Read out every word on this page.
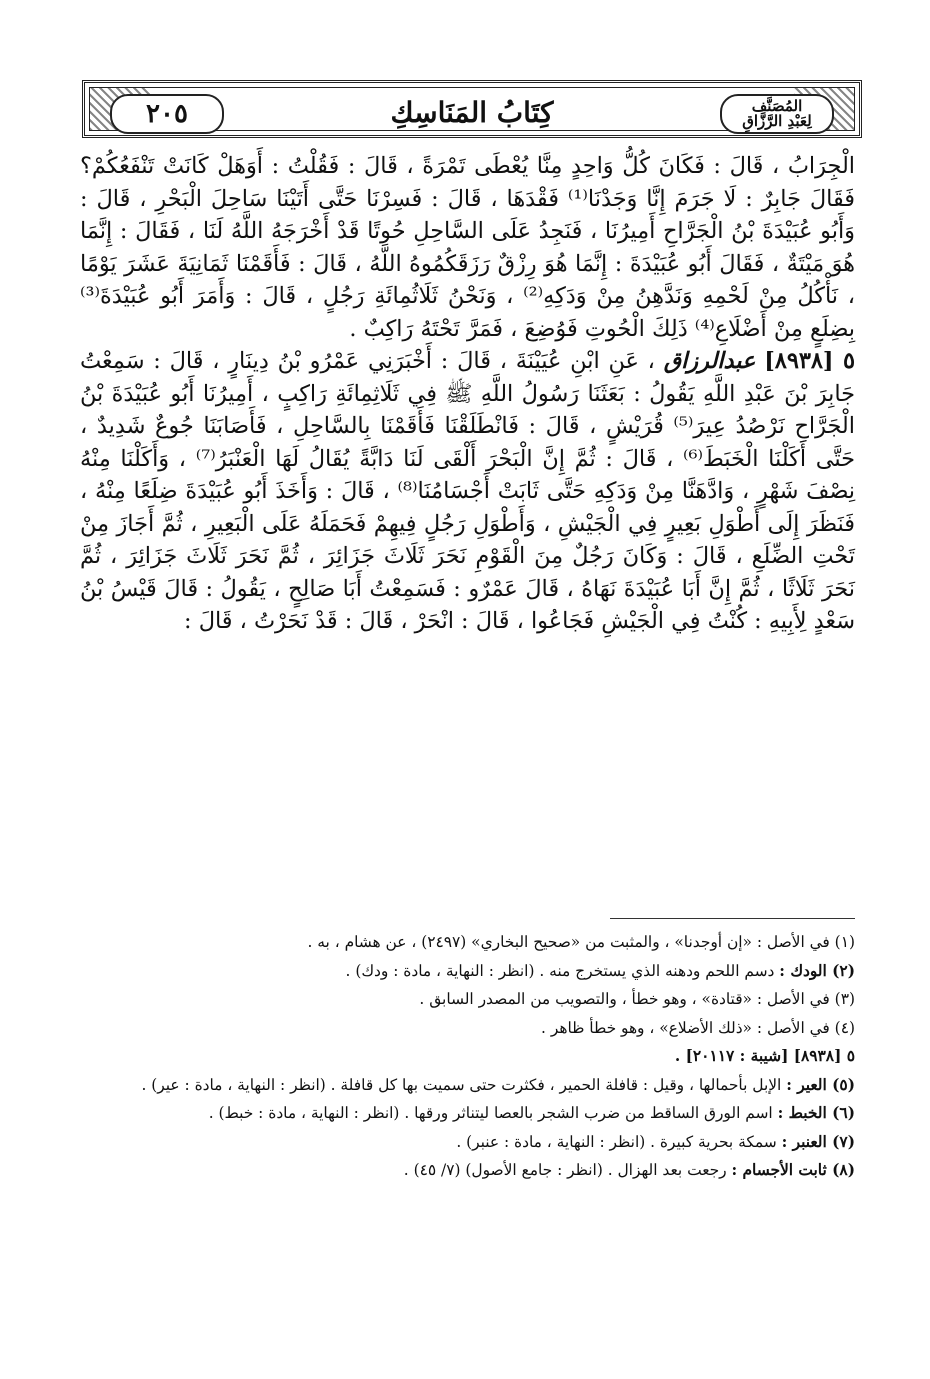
٢٠٥	كِتَابُ المَنَاسِكِ	المُصَنَّف
لِعَبْدِ الرَّزَّاقِ

الْجِرَابُ ، قَالَ : فَكَانَ كُلُّ وَاحِدٍ مِنَّا يُعْطَى تَمْرَةً ، قَالَ : فَقُلْتُ : أَوَهَلْ كَانَتْ تَنْفَعُكُمْ؟ فَقَالَ جَابِرٌ : لَا جَرَمَ إِنَّا وَجَدْنَا⁽¹⁾ فَقْدَهَا ، قَالَ : فَسِرْنَا حَتَّى أَتَيْنَا سَاحِلَ الْبَحْرِ ، قَالَ : وَأَبُو عُبَيْدَةَ بْنُ الْجَرَّاحِ أَمِيرُنَا ، فَنَجِدُ عَلَى السَّاحِلِ حُوتًا قَدْ أَخْرَجَهُ اللَّهُ لَنَا ، فَقَالَ : إِنَّمَا هُوَ مَيْتَةٌ ، فَقَالَ أَبُو عُبَيْدَةَ : إِنَّمَا هُوَ رِزْقٌ رَزَقَكُمُوهُ اللَّهُ ، قَالَ : فَأَقَمْنَا ثَمَانِيَةَ عَشَرَ يَوْمًا ، نَأْكُلُ مِنْ لَحْمِهِ وَنَدَّهِنُ مِنْ وَدَكِهِ⁽²⁾ ، وَنَحْنُ ثَلَاثُمِائَةِ رَجُلٍ ، قَالَ : وَأَمَرَ أَبُو عُبَيْدَةَ⁽³⁾ بِضِلَعٍ مِنْ أَضْلَاعِ⁽⁴⁾ ذَلِكَ الْحُوتِ فَوُضِعَ ، فَمَرَّ تَحْتَهُ رَاكِبٌ .

٥ [٨٩٣٨] عبدالرزاق ، عَنِ ابْنِ عُيَيْنَةَ ، قَالَ : أَخْبَرَنِي عَمْرُو بْنُ دِينَارٍ ، قَالَ : سَمِعْتُ جَابِرَ بْنَ عَبْدِ اللَّهِ يَقُولُ : بَعَثَنَا رَسُولُ اللَّهِ ﷺ فِي ثَلَاثِمِائَةِ رَاكِبٍ ، أَمِيرُنَا أَبُو عُبَيْدَةَ بْنُ الْجَرَّاحِ نَرْصُدُ عِيرَ⁽⁵⁾ قُرَيْشٍ ، قَالَ : فَانْطَلَقْنَا فَأَقَمْنَا بِالسَّاحِلِ ، فَأَصَابَنَا جُوعٌ شَدِيدٌ ، حَتَّى أَكَلْنَا الْخَبَطَ⁽⁶⁾ ، قَالَ : ثُمَّ إِنَّ الْبَحْرَ أَلْقَى لَنَا دَابَّةً يُقَالُ لَهَا الْعَنْبَرُ⁽⁷⁾ ، وَأَكَلْنَا مِنْهُ نِصْفَ شَهْرٍ ، وَادَّهَنَّا مِنْ وَدَكِهِ حَتَّى ثَابَتْ أَجْسَامُنَا⁽⁸⁾ ، قَالَ : وَأَخَذَ أَبُو عُبَيْدَةَ ضِلَعًا مِنْهُ ، فَنَظَرَ إِلَى أَطْوَلِ بَعِيرٍ فِي الْجَيْشِ ، وَأَطْوَلِ رَجُلٍ فِيهِمْ فَحَمَلَهُ عَلَى الْبَعِيرِ ، ثُمَّ أَجَازَ مِنْ تَحْتِ الضِّلَعِ ، قَالَ : وَكَانَ رَجُلٌ مِنَ الْقَوْمِ نَحَرَ ثَلَاثَ جَزَائِرَ ، ثُمَّ نَحَرَ ثَلَاثَ جَزَائِرَ ، ثُمَّ نَحَرَ ثَلَاثًا ، ثُمَّ إِنَّ أَبَا عُبَيْدَةَ نَهَاهُ ، قَالَ عَمْرٌو : فَسَمِعْتُ أَبَا صَالِحٍ ، يَقُولُ : قَالَ قَيْسُ بْنُ سَعْدٍ لِأَبِيهِ : كُنْتُ فِي الْجَيْشِ فَجَاعُوا ، قَالَ : انْحَرْ ، قَالَ : قَدْ نَحَرْتُ ، قَالَ :

(١) في الأصل : «إن أوجدنا» ، والمثبت من «صحيح البخاري» (٢٤٩٧) ، عن هشام ، به .

(٢) الودك : دسم اللحم ودهنه الذي يستخرج منه . (انظر : النهاية ، مادة : ودك) .

(٣) في الأصل : «قتادة» ، وهو خطأ ، والتصويب من المصدر السابق .

(٤) في الأصل : «ذلك الأضلاع» ، وهو خطأ ظاهر .

٥ [٨٩٣٨] [شيبة : ٢٠١١٧] .

(٥) العير : الإبل بأحمالها ، وقيل : قافلة الحمير ، فكثرت حتى سميت بها كل قافلة . (انظر : النهاية ، مادة : عير) .

(٦) الخبط : اسم الورق الساقط من ضرب الشجر بالعصا ليتناثر ورقها . (انظر : النهاية ، مادة : خبط) .

(٧) العنبر : سمكة بحرية كبيرة . (انظر : النهاية ، مادة : عنبر) .

(٨) ثابت الأجسام : رجعت بعد الهزال . (انظر : جامع الأصول) (٧/ ٤٥) .
